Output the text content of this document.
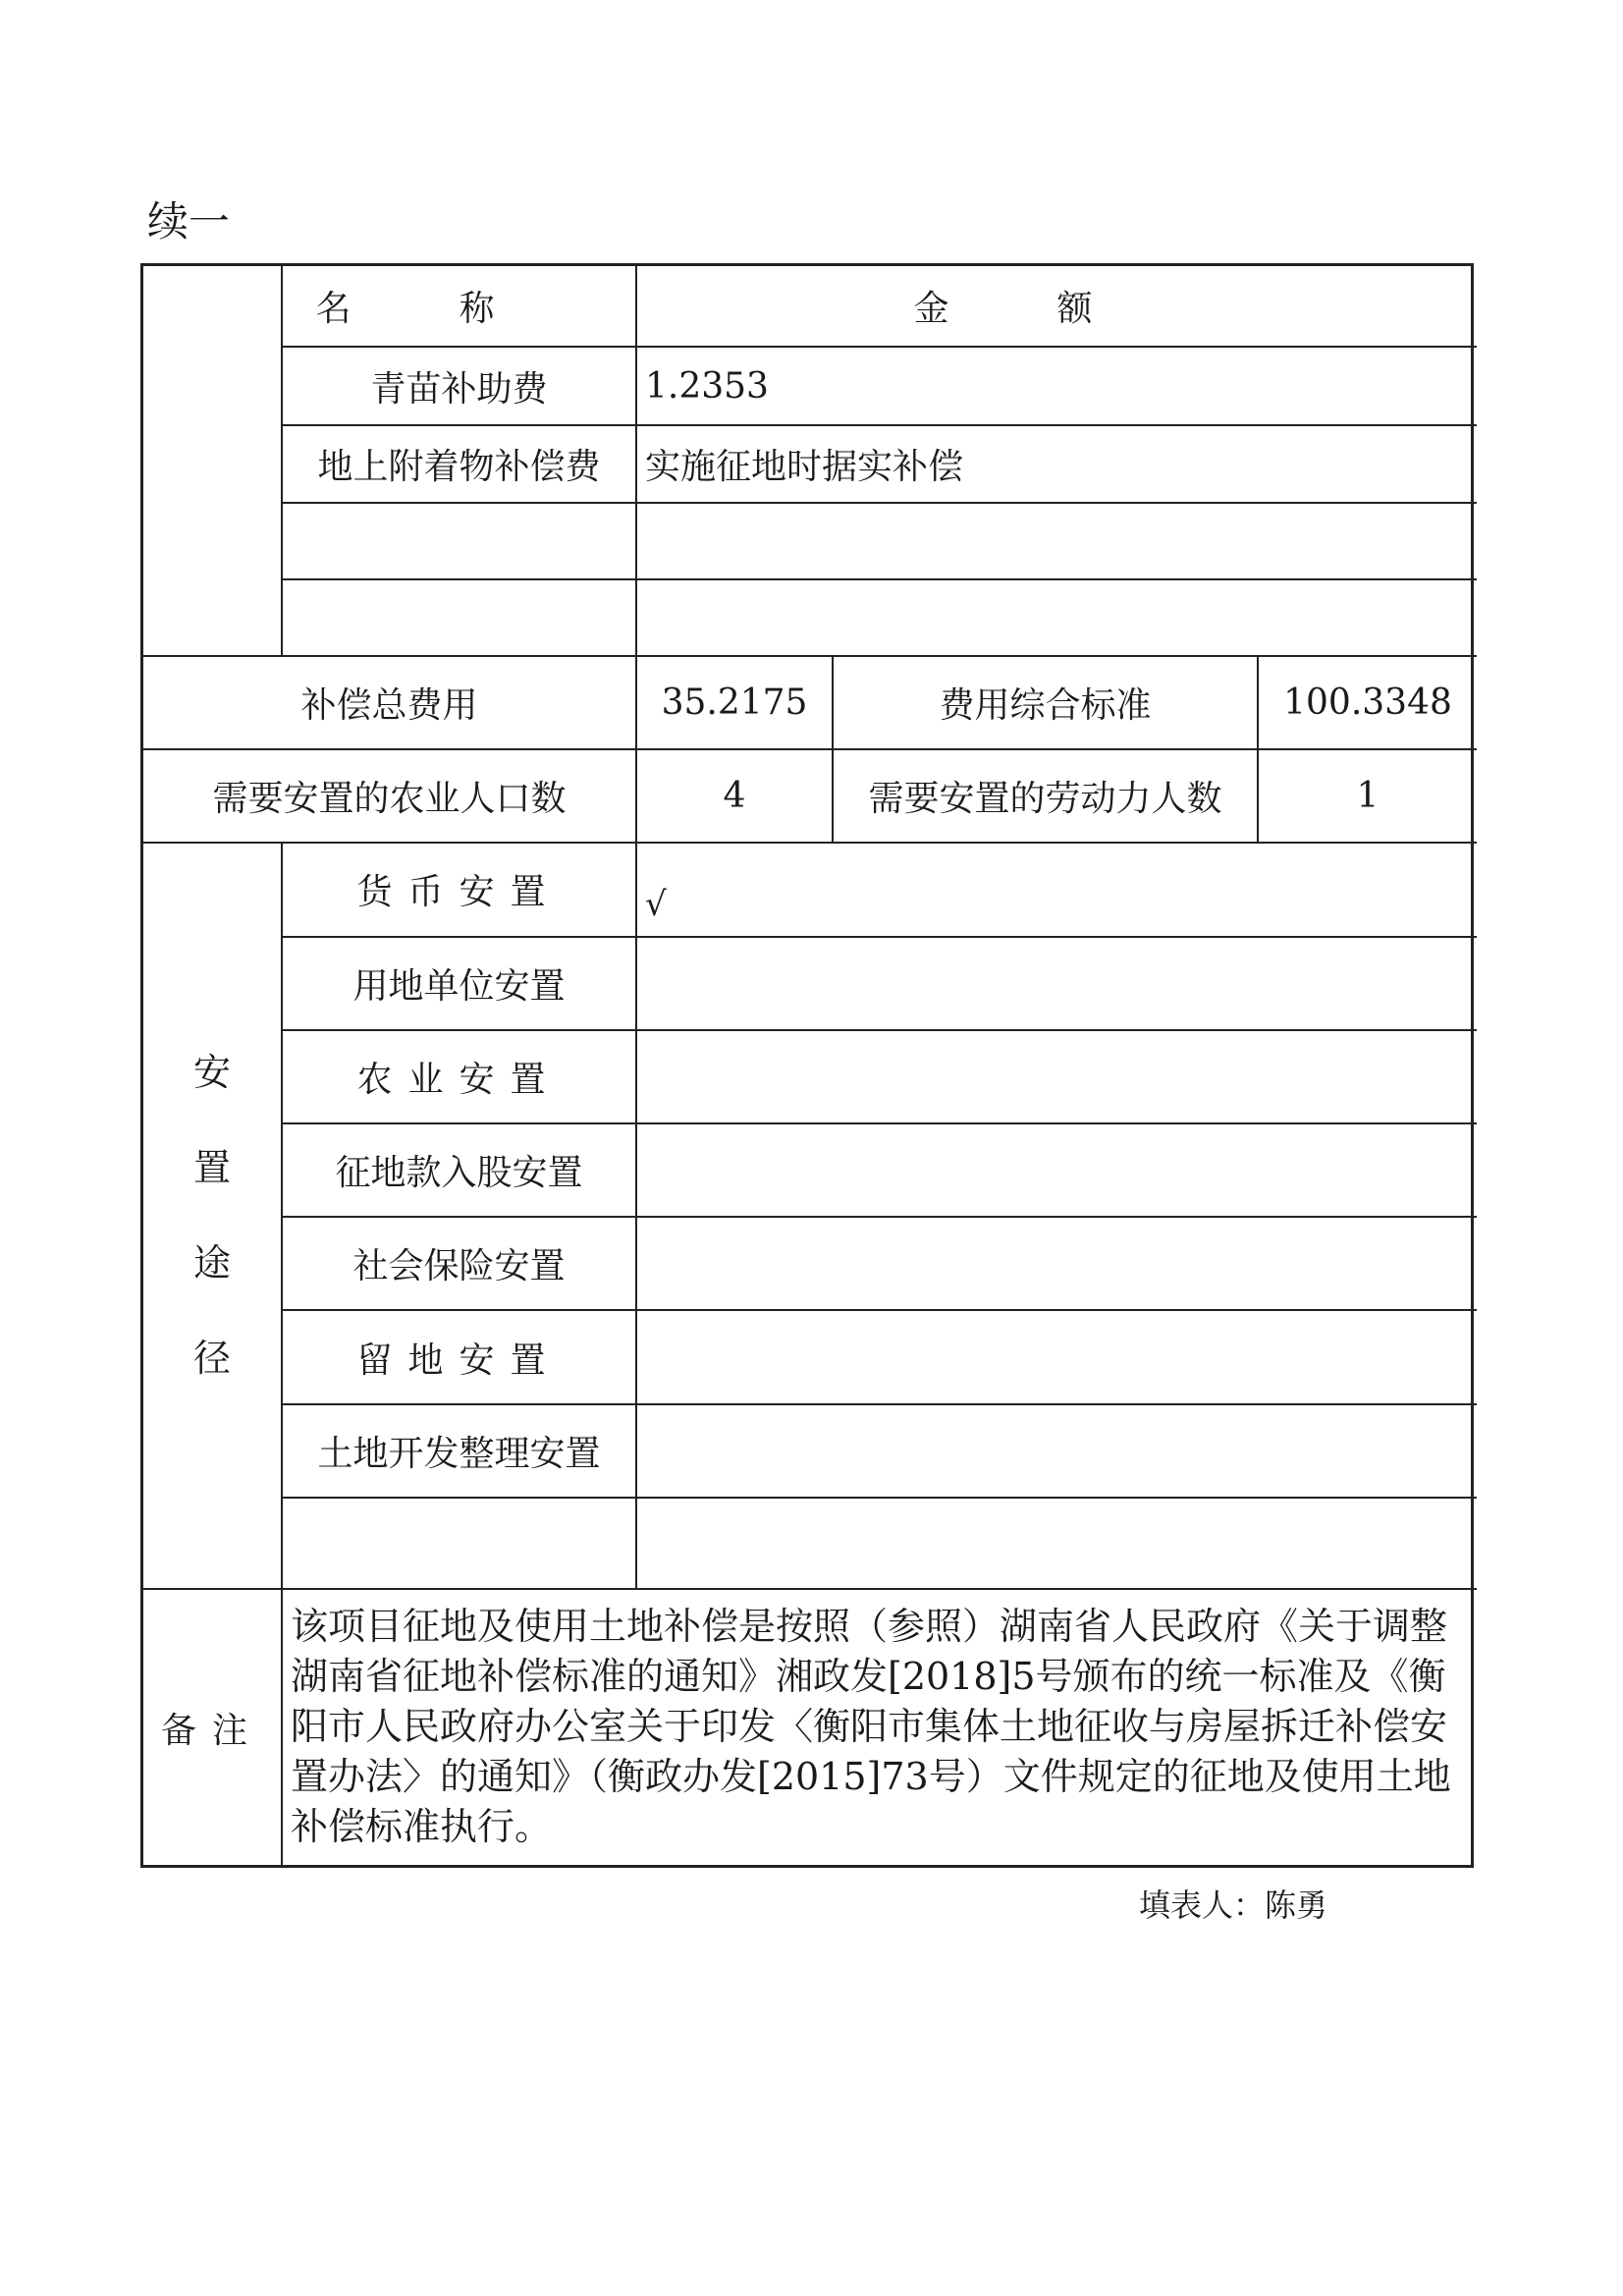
续一
	名称	金额		
	青苗补助费	1.2353		
	地上附着物补偿费	实施征地时据实补偿		

补偿总费用		35.2175	费用综合标准	100.3348
需要安置的农业人口数		4	需要安置的劳动力人数	1

安
置
途
径	货币安置	√		
	用地单位安置			
	农业安置			
	征地款入股安置			
	社会保险安置			
	留地安置			
	土地开发整理安置			

备注	该项目征地及使用土地补偿是按照（参照）湖南省人民政府《关于调整湖南省征地补偿标准的通知》湘政发[2018]5号颁布的统一标准及《衡阳市人民政府办公室关于印发〈衡阳市集体土地征收与房屋拆迁补偿安置办法〉的通知》（衡政办发[2015]73号）文件规定的征地及使用土地补偿标准执行。			
填表人：陈勇
